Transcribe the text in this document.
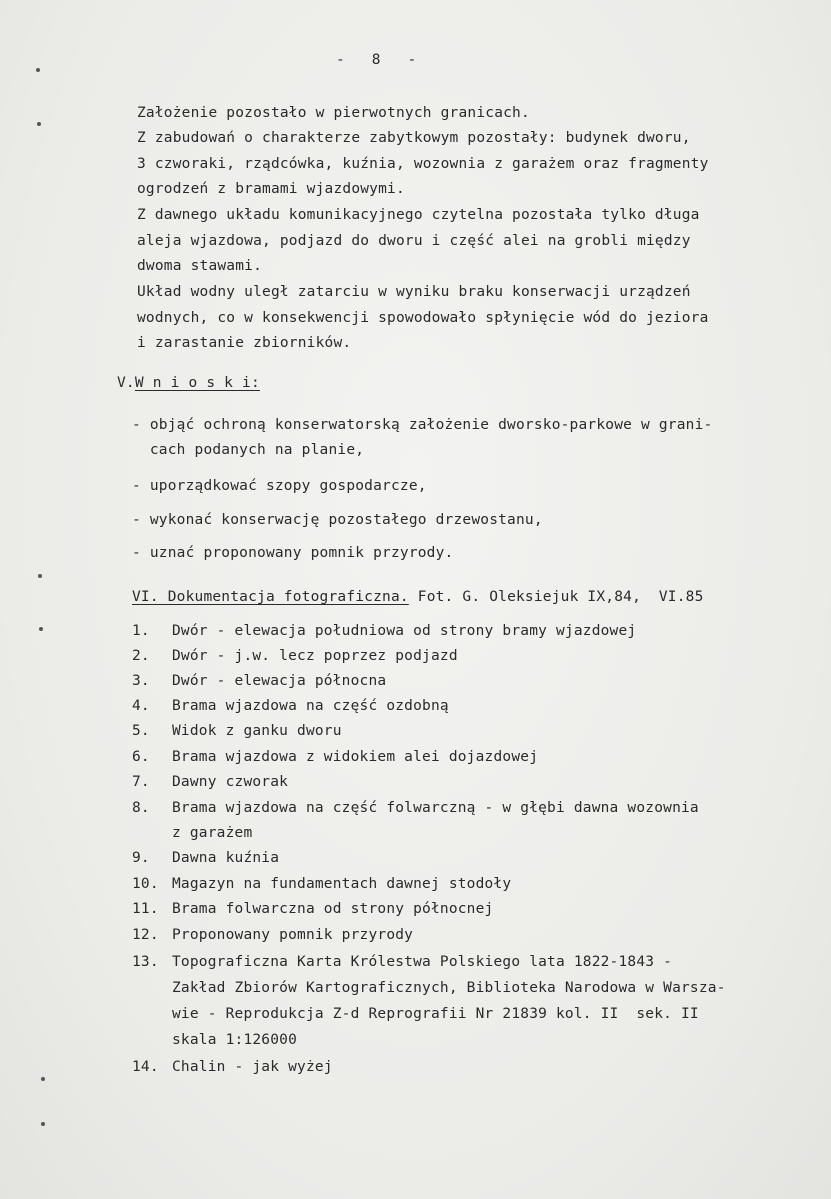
-   8   -
Założenie pozostało w pierwotnych granicach.
Z zabudowań o charakterze zabytkowym pozostały: budynek dworu,
3 czworaki, rządcówka, kuźnia, wozownia z garażem oraz fragmenty
ogrodzeń z bramami wjazdowymi.
Z dawnego układu komunikacyjnego czytelna pozostała tylko długa
aleja wjazdowa, podjazd do dworu i część alei na grobli między
dwoma stawami.
Układ wodny uległ zatarciu w wyniku braku konserwacji urządzeń
wodnych, co w konsekwencji spowodowało spłynięcie wód do jeziora
i zarastanie zbiorników.
V.W n i o s k i:
- objąć ochroną konserwatorską założenie dworsko-parkowe w grani-
cach podanych na planie,
- uporządkować szopy gospodarcze,
- wykonać konserwację pozostałego drzewostanu,
- uznać proponowany pomnik przyrody.
VI. Dokumentacja fotograficzna. Fot. G. Oleksiejuk IX,84,  VI.85
1. Dwór - elewacja południowa od strony bramy wjazdowej
2. Dwór - j.w. lecz poprzez podjazd
3. Dwór - elewacja północna
4. Brama wjazdowa na część ozdobną
5. Widok z ganku dworu
6. Brama wjazdowa z widokiem alei dojazdowej
7. Dawny czworak
8. Brama wjazdowa na część folwarczną - w głębi dawna wozownia
z garażem
9. Dawna kuźnia
10. Magazyn na fundamentach dawnej stodoły
11. Brama folwarczna od strony północnej
12. Proponowany pomnik przyrody
13. Topograficzna Karta Królestwa Polskiego lata 1822-1843 -
Zakład Zbiorów Kartograficznych, Biblioteka Narodowa w Warsza-
wie - Reprodukcja Z-d Reprografii Nr 21839 kol. II  sek. II
skala 1:126000
14. Chalin - jak wyżej
